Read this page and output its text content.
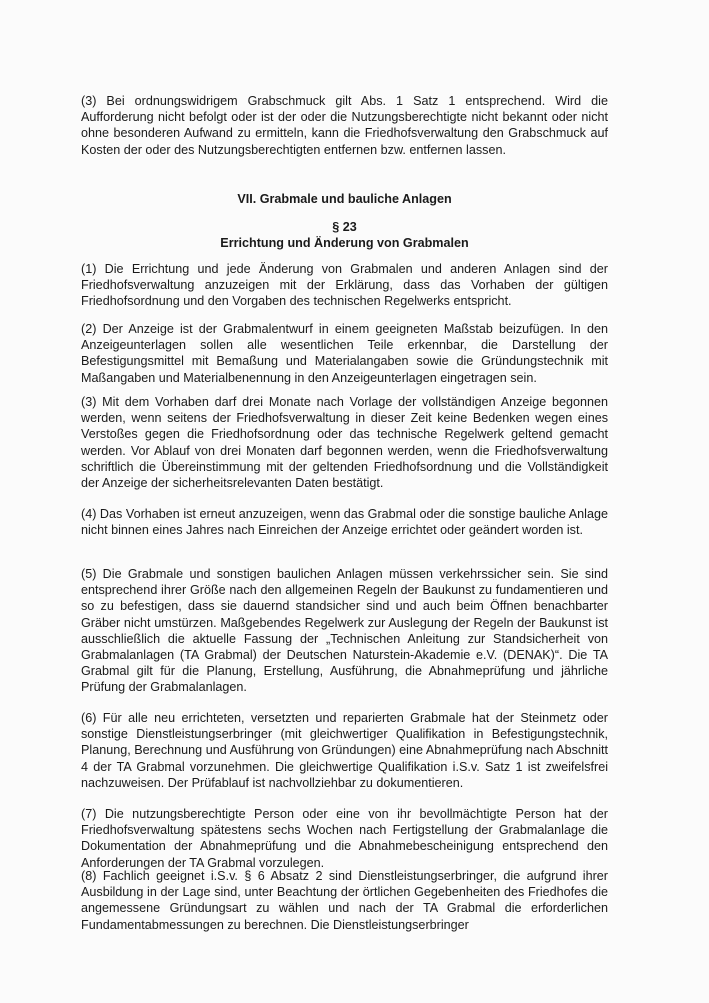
(3) Bei ordnungswidrigem Grabschmuck gilt Abs. 1 Satz 1 entsprechend. Wird die Aufforderung nicht befolgt oder ist der oder die Nutzungsberechtigte nicht bekannt oder nicht ohne besonderen Aufwand zu ermitteln, kann die Friedhofsverwaltung den Grabschmuck auf Kosten der oder des Nutzungsberechtigten entfernen bzw. entfernen lassen.

VII. Grabmale und bauliche Anlagen
§ 23
Errichtung und Änderung von Grabmalen

(1) Die Errichtung und jede Änderung von Grabmalen und anderen Anlagen sind der Friedhofsverwaltung anzuzeigen mit der Erklärung, dass das Vorhaben der gültigen Friedhofsordnung und den Vorgaben des technischen Regelwerks entspricht.

(2) Der Anzeige ist der Grabmalentwurf in einem geeigneten Maßstab beizufügen. In den Anzeigeunterlagen sollen alle wesentlichen Teile erkennbar, die Darstellung der Befestigungsmittel mit Bemaßung und Materialangaben sowie die Gründungstechnik mit Maßangaben und Materialbenennung in den Anzeigeunterlagen eingetragen sein.

(3) Mit dem Vorhaben darf drei Monate nach Vorlage der vollständigen Anzeige begonnen werden, wenn seitens der Friedhofsverwaltung in dieser Zeit keine Bedenken wegen eines Verstoßes gegen die Friedhofsordnung oder das technische Regelwerk geltend gemacht werden. Vor Ablauf von drei Monaten darf begonnen werden, wenn die Friedhofsverwaltung schriftlich die Übereinstimmung mit der geltenden Friedhofsordnung und die Vollständigkeit der Anzeige der sicherheitsrelevanten Daten bestätigt.

(4) Das Vorhaben ist erneut anzuzeigen, wenn das Grabmal oder die sonstige bauliche Anlage nicht binnen eines Jahres nach Einreichen der Anzeige errichtet oder geändert worden ist.

(5) Die Grabmale und sonstigen baulichen Anlagen müssen verkehrssicher sein. Sie sind entsprechend ihrer Größe nach den allgemeinen Regeln der Baukunst zu fundamentieren und so zu befestigen, dass sie dauernd standsicher sind und auch beim Öffnen benachbarter Gräber nicht umstürzen. Maßgebendes Regelwerk zur Auslegung der Regeln der Baukunst ist ausschließlich die aktuelle Fassung der „Technischen Anleitung zur Standsicherheit von Grabmalanlagen (TA Grabmal) der Deutschen Naturstein-Akademie e.V. (DENAK)“. Die TA Grabmal gilt für die Planung, Erstellung, Ausführung, die Abnahmeprüfung und jährliche Prüfung der Grabmalanlagen.

(6) Für alle neu errichteten, versetzten und reparierten Grabmale hat der Steinmetz oder sonstige Dienstleistungserbringer (mit gleichwertiger Qualifikation in Befestigungstechnik, Planung, Berechnung und Ausführung von Gründungen) eine Abnahmeprüfung nach Abschnitt 4 der TA Grabmal vorzunehmen. Die gleichwertige Qualifikation i.S.v. Satz 1 ist zweifelsfrei nachzuweisen. Der Prüfablauf ist nachvollziehbar zu dokumentieren.

(7) Die nutzungsberechtigte Person oder eine von ihr bevollmächtigte Person hat der Friedhofsverwaltung spätestens sechs Wochen nach Fertigstellung der Grabmalanlage die Dokumentation der Abnahmeprüfung und die Abnahmebescheinigung entsprechend den Anforderungen der TA Grabmal vorzulegen.

(8) Fachlich geeignet i.S.v. § 6 Absatz 2 sind Dienstleistungserbringer, die aufgrund ihrer Ausbildung in der Lage sind, unter Beachtung der örtlichen Gegebenheiten des Friedhofes die angemessene Gründungsart zu wählen und nach der TA Grabmal die erforderlichen Fundamentabmessungen zu berechnen. Die Dienstleistungserbringer
